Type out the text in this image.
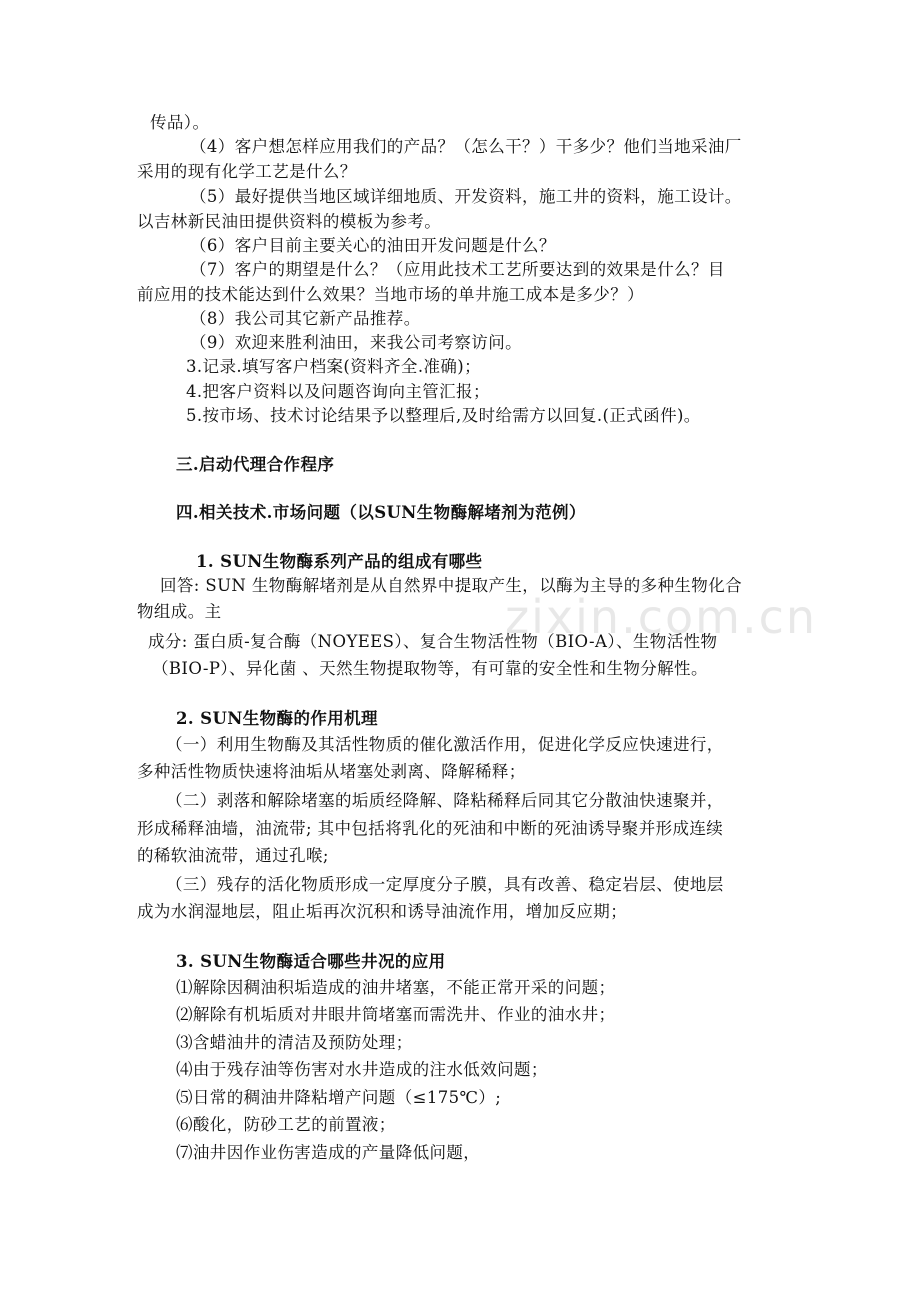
zixin.com.cn
传品）。
（4）客户想怎样应用我们的产品？（怎么干？）干多少？他们当地采油厂
采用的现有化学工艺是什么？
（5）最好提供当地区域详细地质、开发资料，施工井的资料，施工设计。
以吉林新民油田提供资料的模板为参考。
（6）客户目前主要关心的油田开发问题是什么？
（7）客户的期望是什么？（应用此技术工艺所要达到的效果是什么？目
前应用的技术能达到什么效果？当地市场的单井施工成本是多少？）
（8）我公司其它新产品推荐。
（9）欢迎来胜利油田，来我公司考察访问。
3.记录.填写客户档案(资料齐全.准确)；
4.把客户资料以及问题咨询向主管汇报；
5.按市场、技术讨论结果予以整理后,及时给需方以回复.(正式函件)。
三.启动代理合作程序
四.相关技术.市场问题（以SUN生物酶解堵剂为范例）
1. SUN生物酶系列产品的组成有哪些
回答: SUN 生物酶解堵剂是从自然界中提取产生，以酶为主导的多种生物化合
物组成。主
成分: 蛋白质-复合酶（NOYEES）、复合生物活性物（BIO-A）、生物活性物
（BIO-P）、异化菌 、天然生物提取物等，有可靠的安全性和生物分解性。
2. SUN生物酶的作用机理
（一）利用生物酶及其活性物质的催化激活作用，促进化学反应快速进行，
多种活性物质快速将油垢从堵塞处剥离、降解稀释；
（二）剥落和解除堵塞的垢质经降解、降粘稀释后同其它分散油快速聚并，
形成稀释油墙，油流带; 其中包括将乳化的死油和中断的死油诱导聚并形成连续
的稀软油流带，通过孔喉;
（三）残存的活化物质形成一定厚度分子膜，具有改善、稳定岩层、使地层
成为水润湿地层，阻止垢再次沉积和诱导油流作用，增加反应期；
3. SUN生物酶适合哪些井况的应用
⑴解除因稠油积垢造成的油井堵塞，不能正常开采的问题；
⑵解除有机垢质对井眼井筒堵塞而需洗井、作业的油水井；
⑶含蜡油井的清洁及预防处理；
⑷由于残存油等伤害对水井造成的注水低效问题；
⑸日常的稠油井降粘增产问题（≤175℃）;
⑹酸化，防砂工艺的前置液；
⑺油井因作业伤害造成的产量降低问题，
